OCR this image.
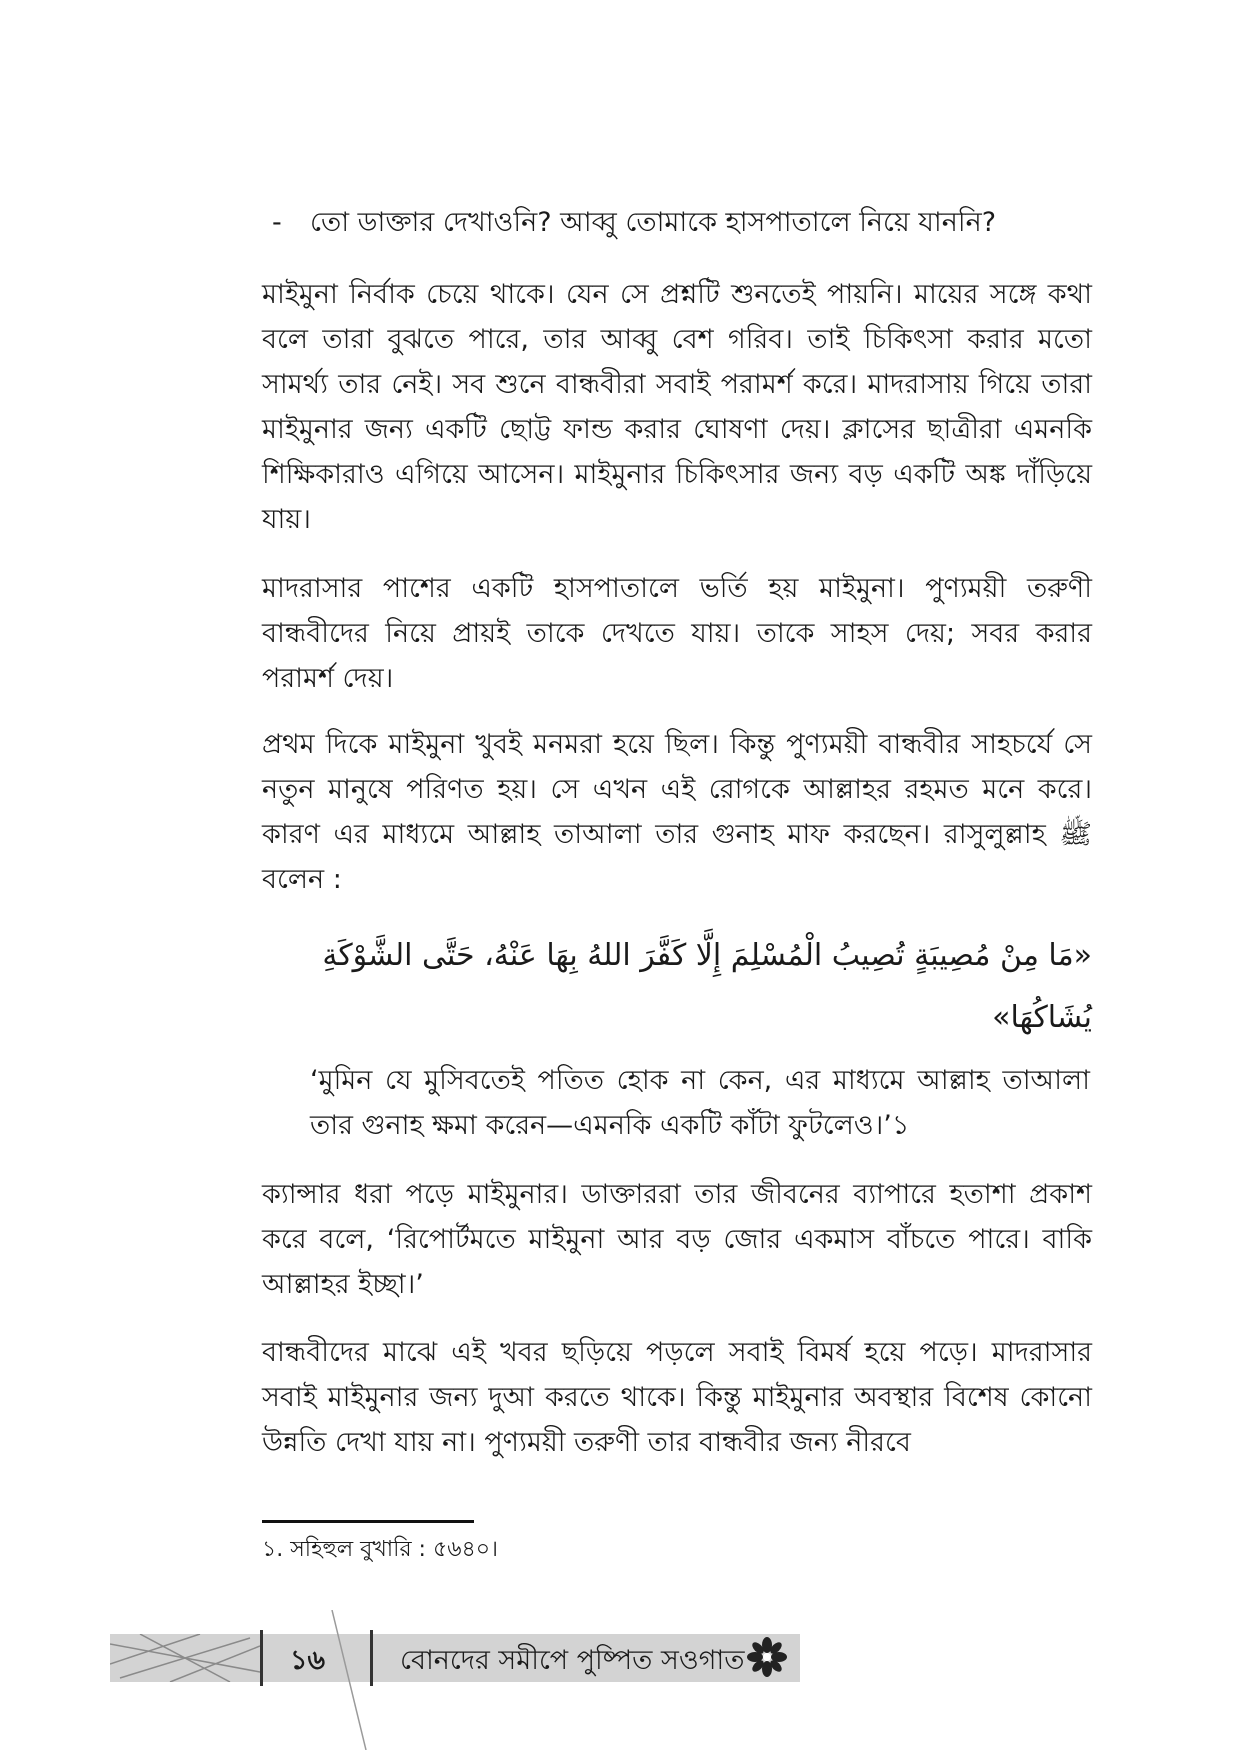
- তো ডাক্তার দেখাওনি? আব্বু তোমাকে হাসপাতালে নিয়ে যাননি?

মাইমুনা নির্বাক চেয়ে থাকে। যেন সে প্রশ্নটি শুনতেই পায়নি। মায়ের সঙ্গে কথা বলে তারা বুঝতে পারে, তার আব্বু বেশ গরিব। তাই চিকিৎসা করার মতো সামর্থ্য তার নেই। সব শুনে বান্ধবীরা সবাই পরামর্শ করে। মাদরাসায় গিয়ে তারা মাইমুনার জন্য একটি ছোট্ট ফান্ড করার ঘোষণা দেয়। ক্লাসের ছাত্রীরা এমনকি শিক্ষিকারাও এগিয়ে আসেন। মাইমুনার চিকিৎসার জন্য বড় একটি অঙ্ক দাঁড়িয়ে যায়।

মাদরাসার পাশের একটি হাসপাতালে ভর্তি হয় মাইমুনা। পুণ্যময়ী তরুণী বান্ধবীদের নিয়ে প্রায়ই তাকে দেখতে যায়। তাকে সাহস দেয়; সবর করার পরামর্শ দেয়।

প্রথম দিকে মাইমুনা খুবই মনমরা হয়ে ছিল। কিন্তু পুণ্যময়ী বান্ধবীর সাহচর্যে সে নতুন মানুষে পরিণত হয়। সে এখন এই রোগকে আল্লাহর রহমত মনে করে। কারণ এর মাধ্যমে আল্লাহ তাআলা তার গুনাহ মাফ করছেন। রাসুলুল্লাহ ﷺ বলেন :

«مَا مِنْ مُصِيبَةٍ تُصِيبُ الْمُسْلِمَ إِلَّا كَفَّرَ اللهُ بِهَا عَنْهُ، حَتَّى الشَّوْكَةِ يُشَاكُهَا»

‘মুমিন যে মুসিবতেই পতিত হোক না কেন, এর মাধ্যমে আল্লাহ তাআলা তার গুনাহ ক্ষমা করেন—এমনকি একটি কাঁটা ফুটলেও।’১

ক্যান্সার ধরা পড়ে মাইমুনার। ডাক্তাররা তার জীবনের ব্যাপারে হতাশা প্রকাশ করে বলে, ‘রিপোর্টমতে মাইমুনা আর বড় জোর একমাস বাঁচতে পারে। বাকি আল্লাহর ইচ্ছা।’

বান্ধবীদের মাঝে এই খবর ছড়িয়ে পড়লে সবাই বিমর্ষ হয়ে পড়ে। মাদরাসার সবাই মাইমুনার জন্য দুআ করতে থাকে। কিন্তু মাইমুনার অবস্থার বিশেষ কোনো উন্নতি দেখা যায় না। পুণ্যময়ী তরুণী তার বান্ধবীর জন্য নীরবে

১. সহিহুল বুখারি : ৫৬৪০।
১৬	বোনদের সমীপে পুষ্পিত সওগাত
